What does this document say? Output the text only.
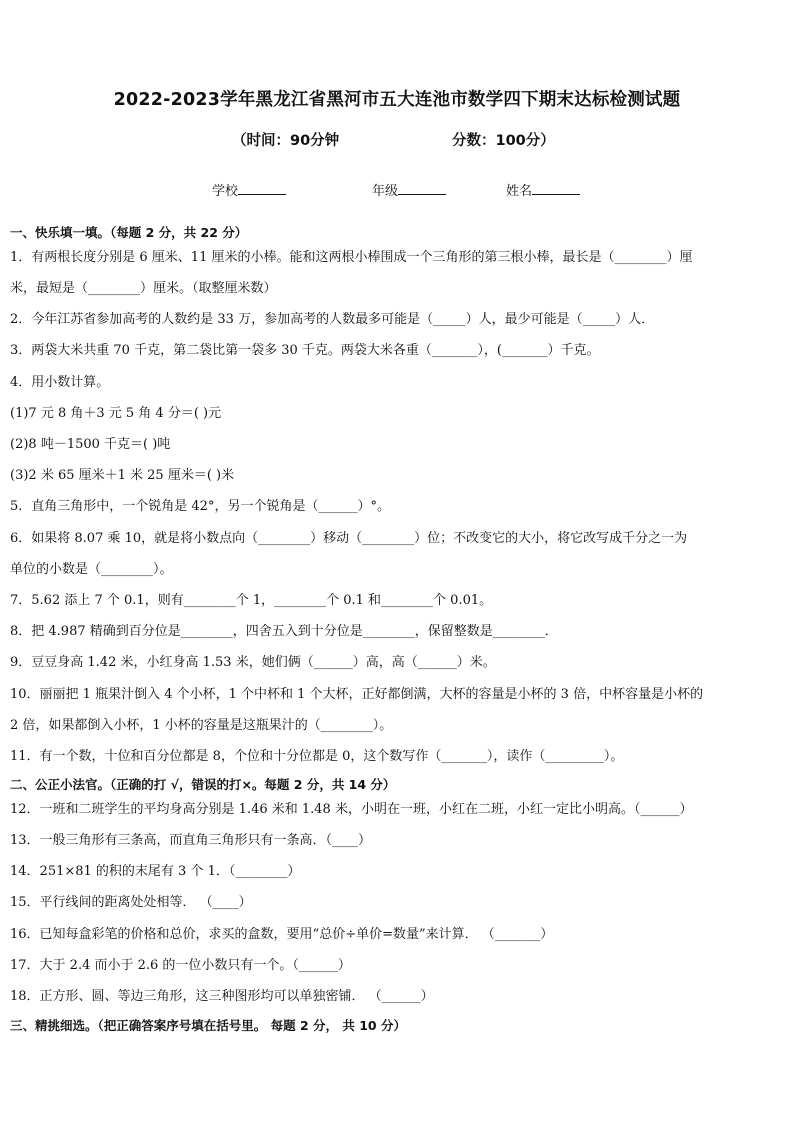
2022-2023学年黑龙江省黑河市五大连池市数学四下期末达标检测试题
（时间：90分钟	分数：100分）
学校	年级	姓名
一、快乐填一填。（每题 2 分，共 22 分）
1．有两根长度分别是 6 厘米、11 厘米的小棒。能和这两根小棒围成一个三角形的第三根小棒，最长是（________）厘
米，最短是（________）厘米。（取整厘米数）
2．今年江苏省参加高考的人数约是 33 万，参加高考的人数最多可能是（_____）人，最少可能是（_____）人．
3．两袋大米共重 70 千克，第二袋比第一袋多 30 千克。两袋大米各重（_______），(_______）千克。
4．用小数计算。
(1)7 元 8 角＋3 元 5 角 4 分＝( )元
(2)8 吨－1500 千克＝( )吨
(3)2 米 65 厘米＋1 米 25 厘米＝( )米
5．直角三角形中，一个锐角是 42°，另一个锐角是（______）°。
6．如果将 8.07 乘 10，就是将小数点向（________）移动（________）位；不改变它的大小，将它改写成千分之一为
单位的小数是（________）。
7．5.62 添上 7 个 0.1，则有________个 1，________个 0.1 和________个 0.01。
8．把 4.987 精确到百分位是________，四舍五入到十分位是________，保留整数是________．
9．豆豆身高 1.42 米，小红身高 1.53 米，她们俩（______）高，高（______）米。
10．丽丽把 1 瓶果汁倒入 4 个小杯，1 个中杯和 1 个大杯，正好都倒满，大杯的容量是小杯的 3 倍，中杯容量是小杯的
2 倍，如果都倒入小杯，1 小杯的容量是这瓶果汁的（________）。
11．有一个数，十位和百分位都是 8，个位和十分位都是 0，这个数写作（_______），读作（_________）。
二、公正小法官。（正确的打 √，错误的打×。每题 2 分，共 14 分）
12．一班和二班学生的平均身高分别是 1.46 米和 1.48 米，小明在一班，小红在二班，小红一定比小明高。（______）
13．一般三角形有三条高，而直角三角形只有一条高．（____）
14．251×81 的积的末尾有 3 个 1．（________）
15．平行线间的距离处处相等． （____）
16．已知每盒彩笔的价格和总价，求买的盒数，要用“总价÷单价=数量”来计算． （_______）
17．大于 2.4 而小于 2.6 的一位小数只有一个。（______）
18．正方形、圆、等边三角形，这三种图形均可以单独密铺． （______）
三、精挑细选。（把正确答案序号填在括号里。 每题 2 分， 共 10 分）
